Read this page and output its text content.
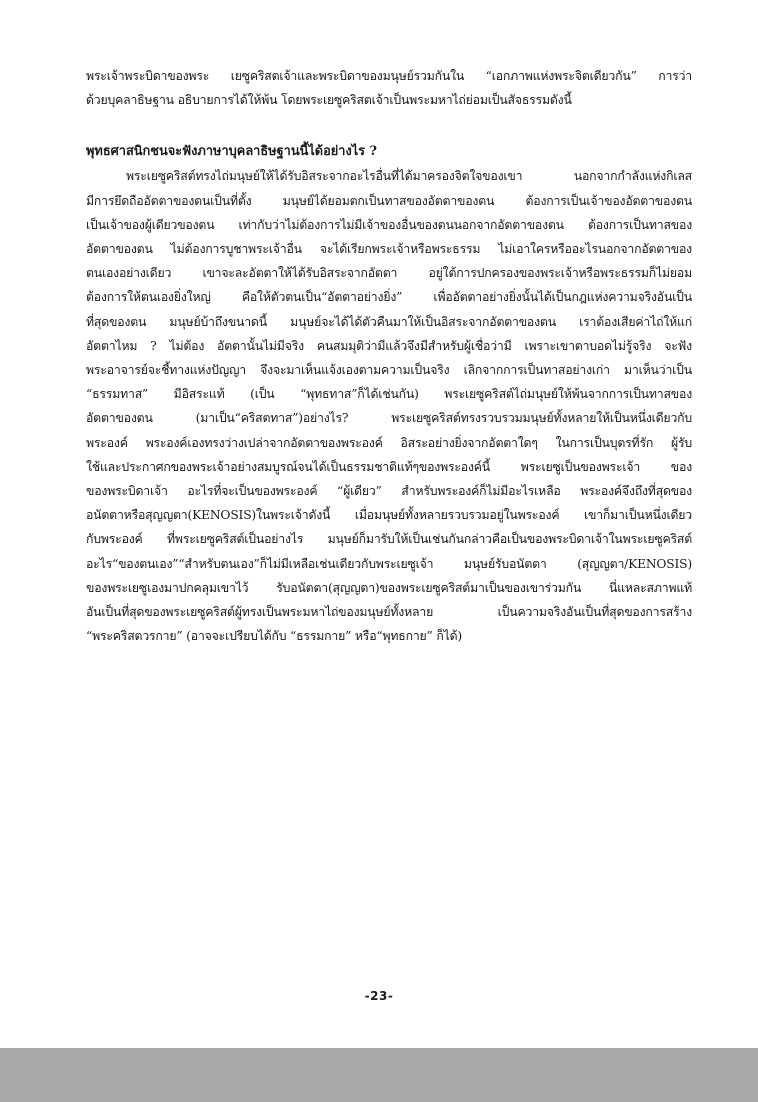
พระเจ้าพระบิดาของพระ เยซูคริสตเจ้าและพระบิดาของมนุษย์รวมกันใน “เอกภาพแห่งพระจิตเดียวกัน” การว่า
ด้วยบุคลาธิษฐาน อธิบายการได้ให้พ้น โดยพระเยซูคริสตเจ้าเป็นพระมหาไถ่ย่อมเป็นสัจธรรมดังนี้
พุทธศาสนิกชนจะฟังภาษาบุคลาธิษฐานนี้ได้อย่างไร ?
พระเยซูคริสต์ทรงไถ่มนุษย์ให้ได้รับอิสระจากอะไรอื่นที่ได้มาครองจิตใจของเขา นอกจากกำลังแห่งกิเลส
มีการยึดถืออัตตาของตนเป็นที่ตั้ง มนุษย์ได้ยอมตกเป็นทาสของอัตตาของตน ต้องการเป็นเจ้าของอัตตาของตน
เป็นเจ้าของผู้เดียวของตน เท่ากับว่าไม่ต้องการไม่มีเจ้าของอื่นของตนนอกจากอัตตาของตน ต้องการเป็นทาสของ
อัตตาของตน ไม่ต้องการบูชาพระเจ้าอื่น จะได้เรียกพระเจ้าหรือพระธรรม ไม่เอาใครหรืออะไรนอกจากอัตตาของ
ตนเองอย่างเดียว เขาจะละอัตตาให้ได้รับอิสระจากอัตตา อยู่ใต้การปกครองของพระเจ้าหรือพระธรรมก็ไม่ยอม
ต้องการให้ตนเองยิ่งใหญ่ คือให้ตัวตนเป็น“อัตตาอย่างยิ่ง” เพื่ออัตตาอย่างยิ่งนั้นได้เป็นกฎแห่งความจริงอันเป็น
ที่สุดของตน มนุษย์บ้าถึงขนาดนี้ มนุษย์จะได้ได้ตัวคืนมาให้เป็นอิสระจากอัตตาของตน เราต้องเสียค่าไถ่ให้แก่
อัตตาไหม ? ไม่ต้อง อัตตานั้นไม่มีจริง คนสมมุติว่ามีแล้วจึงมีสำหรับผู้เชื่อว่ามี เพราะเขาตาบอดไม่รู้จริง จะฟัง
พระอาจารย์จะชี้ทางแห่งปัญญา จึงจะมาเห็นแจ้งเองตามความเป็นจริง เลิกจากการเป็นทาสอย่างเก่า มาเห็นว่าเป็น
“ธรรมทาส” มีอิสระแท้ (เป็น “พุทธทาส”ก็ได้เช่นกัน) พระเยซูคริสต์ไถ่มนุษย์ให้พ้นจากการเป็นทาสของ
อัตตาของตน (มาเป็น“คริสตทาส”)อย่างไร? พระเยซูคริสต์ทรงรวบรวมมนุษย์ทั้งหลายให้เป็นหนึ่งเดียวกับ
พระองค์ พระองค์เองทรงว่างเปล่าจากอัตตาของพระองค์ อิสระอย่างยิ่งจากอัตตาใดๆ ในการเป็นบุตรที่รัก ผู้รับ
ใช้และประกาศกของพระเจ้าอย่างสมบูรณ์จนได้เป็นธรรมชาติแท้ๆของพระองค์นี้ พระเยซูเป็นของพระเจ้า ของ
ของพระบิดาเจ้า อะไรที่จะเป็นของพระองค์ “ผู้เดียว” สำหรับพระองค์ก็ไม่มีอะไรเหลือ พระองค์จึงถึงที่สุดของ
อนัตตาหรือสุญญตา(KENOSIS)ในพระเจ้าดังนี้ เมื่อมนุษย์ทั้งหลายรวบรวมอยู่ในพระองค์ เขาก็มาเป็นหนึ่งเดียว
กับพระองค์ ที่พระเยซูคริสต์เป็นอย่างไร มนุษย์ก็มารับให้เป็นเช่นกันกล่าวคือเป็นของพระบิดาเจ้าในพระเยซูคริสต์
อะไร“ของตนเอง”“สำหรับตนเอง”ก็ไม่มีเหลือเช่นเดียวกับพระเยซูเจ้า มนุษย์รับอนัตตา (สุญญตา/KENOSIS)
ของพระเยซูเองมาปกคลุมเขาไว้ รับอนัตตา(สุญญตา)ของพระเยซูคริสต์มาเป็นของเขาร่วมกัน นี่แหละสภาพแท้
อันเป็นที่สุดของพระเยซูคริสต์ผู้ทรงเป็นพระมหาไถ่ของมนุษย์ทั้งหลาย เป็นความจริงอันเป็นที่สุดของการสร้าง
“พระคริสตวรกาย” (อาจจะเปรียบได้กับ “ธรรมกาย” หรือ“พุทธกาย” ก็ได้)
-23-
